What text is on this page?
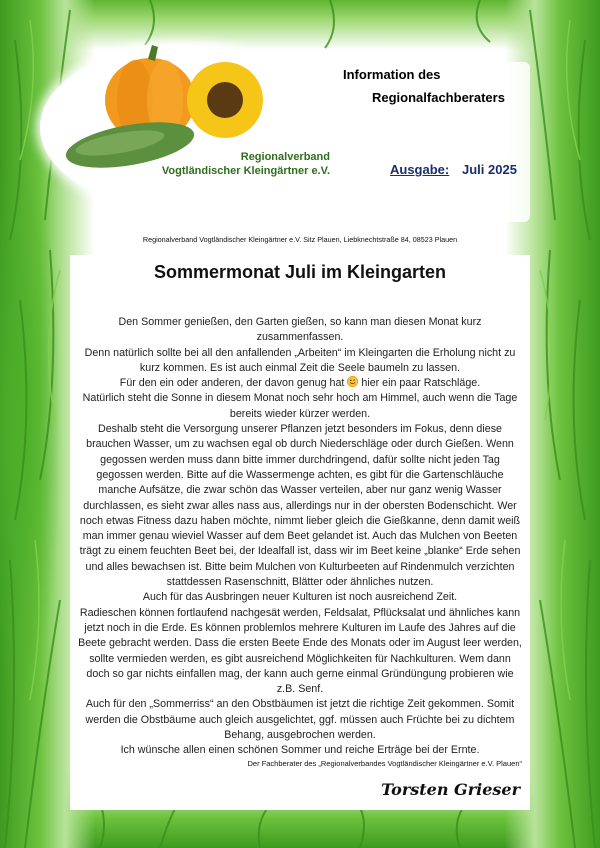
Regionalverband
Vogtländischer Kleingärtner e.V.
Information des
Regionalfachberaters
Ausgabe: Juli 2025
Regionalverband Vogtländischer Kleingärtner e.V. Sitz Plauen, Liebknechtstraße 84, 08523 Plauen
Sommermonat Juli im Kleingarten

Den Sommer genießen, den Garten gießen, so kann man diesen Monat kurz zusammenfassen.

Denn natürlich sollte bei all den anfallenden „Arbeiten“ im Kleingarten die Erholung nicht zu kurz kommen. Es ist auch einmal Zeit die Seele baumeln zu lassen.

Für den ein oder anderen, der davon genug hat hier ein paar Ratschläge.

Natürlich steht die Sonne in diesem Monat noch sehr hoch am Himmel, auch wenn die Tage bereits wieder kürzer werden.

Deshalb steht die Versorgung unserer Pflanzen jetzt besonders im Fokus, denn diese brauchen Wasser, um zu wachsen egal ob durch Niederschläge oder durch Gießen. Wenn gegossen werden muss dann bitte immer durchdringend, dafür sollte nicht jeden Tag gegossen werden. Bitte auf die Wassermenge achten, es gibt für die Gartenschläuche manche Aufsätze, die zwar schön das Wasser verteilen, aber nur ganz wenig Wasser durchlassen, es sieht zwar alles nass aus, allerdings nur in der obersten Bodenschicht. Wer noch etwas Fitness dazu haben möchte, nimmt lieber gleich die Gießkanne, denn damit weiß man immer genau wieviel Wasser auf dem Beet gelandet ist. Auch das Mulchen von Beeten trägt zu einem feuchten Beet bei, der Idealfall ist, dass wir im Beet keine „blanke“ Erde sehen und alles bewachsen ist. Bitte beim Mulchen von Kulturbeeten auf Rindenmulch verzichten stattdessen Rasenschnitt, Blätter oder ähnliches nutzen.

Auch für das Ausbringen neuer Kulturen ist noch ausreichend Zeit.

Radieschen können fortlaufend nachgesät werden, Feldsalat, Pflücksalat und ähnliches kann jetzt noch in die Erde. Es können problemlos mehrere Kulturen im Laufe des Jahres auf die Beete gebracht werden. Dass die ersten Beete Ende des Monats oder im August leer werden, sollte vermieden werden, es gibt ausreichend Möglichkeiten für Nachkulturen. Wem dann doch so gar nichts einfallen mag, der kann auch gerne einmal Gründüngung probieren wie z.B. Senf.

Auch für den „Sommerriss“ an den Obstbäumen ist jetzt die richtige Zeit gekommen. Somit werden die Obstbäume auch gleich ausgelichtet, ggf. müssen auch Früchte bei zu dichtem Behang, ausgebrochen werden.

Ich wünsche allen einen schönen Sommer und reiche Erträge bei der Ernte.

Der Fachberater des „Regionalverbandes Vogtländischer Kleingärtner e.V. Plauen“
Torsten Grieser
